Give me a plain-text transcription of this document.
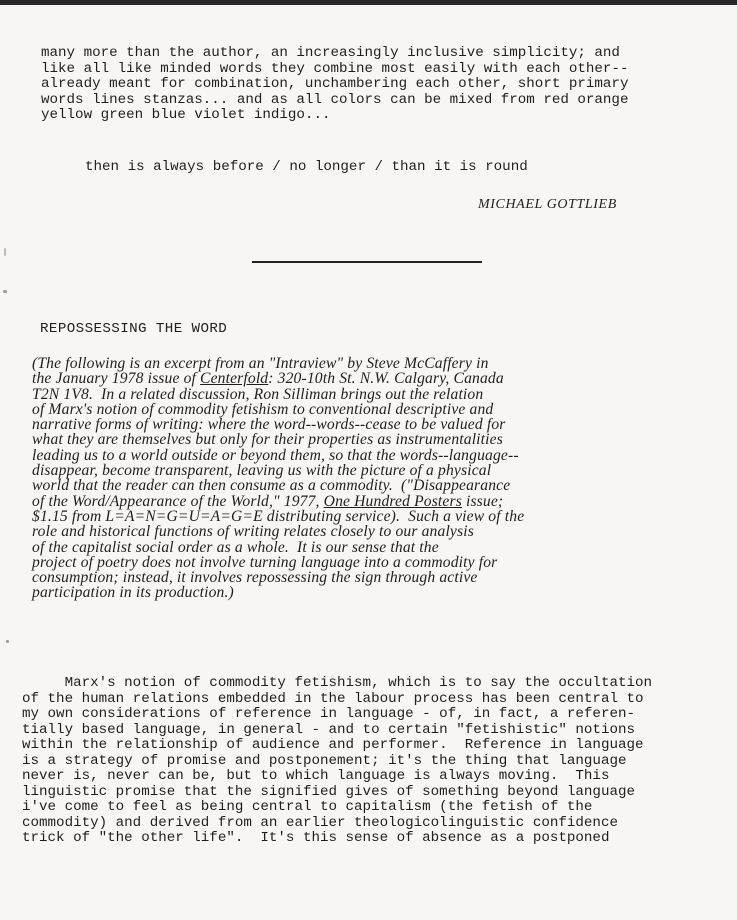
many more than the author, an increasingly inclusive simplicity; and
like all like minded words they combine most easily with each other--
already meant for combination, unchambering each other, short primary
words lines stanzas... and as all colors can be mixed from red orange
yellow green blue violet indigo...
then is always before / no longer / than it is round
MICHAEL GOTTLIEB
REPOSSESSING THE WORD
(The following is an excerpt from an "Intraview" by Steve McCaffery in
the January 1978 issue of Centerfold: 320-10th St. N.W. Calgary, Canada
T2N 1V8.  In a related discussion, Ron Silliman brings out the relation
of Marx's notion of commodity fetishism to conventional descriptive and
narrative forms of writing: where the word--words--cease to be valued for
what they are themselves but only for their properties as instrumentalities
leading us to a world outside or beyond them, so that the words--language--
disappear, become transparent, leaving us with the picture of a physical
world that the reader can then consume as a commodity.  ("Disappearance
of the Word/Appearance of the World," 1977, One Hundred Posters issue;
$1.15 from L=A=N=G=U=A=G=E distributing service).  Such a view of the
role and historical functions of writing relates closely to our analysis
of the capitalist social order as a whole.  It is our sense that the
project of poetry does not involve turning language into a commodity for
consumption; instead, it involves repossessing the sign through active
participation in its production.)
Marx's notion of commodity fetishism, which is to say the occultation
of the human relations embedded in the labour process has been central to
my own considerations of reference in language - of, in fact, a referen-
tially based language, in general - and to certain "fetishistic" notions
within the relationship of audience and performer.  Reference in language
is a strategy of promise and postponement; it's the thing that language
never is, never can be, but to which language is always moving.  This
linguistic promise that the signified gives of something beyond language
i've come to feel as being central to capitalism (the fetish of the
commodity) and derived from an earlier theologicolinguistic confidence
trick of "the other life".  It's this sense of absence as a postponed
